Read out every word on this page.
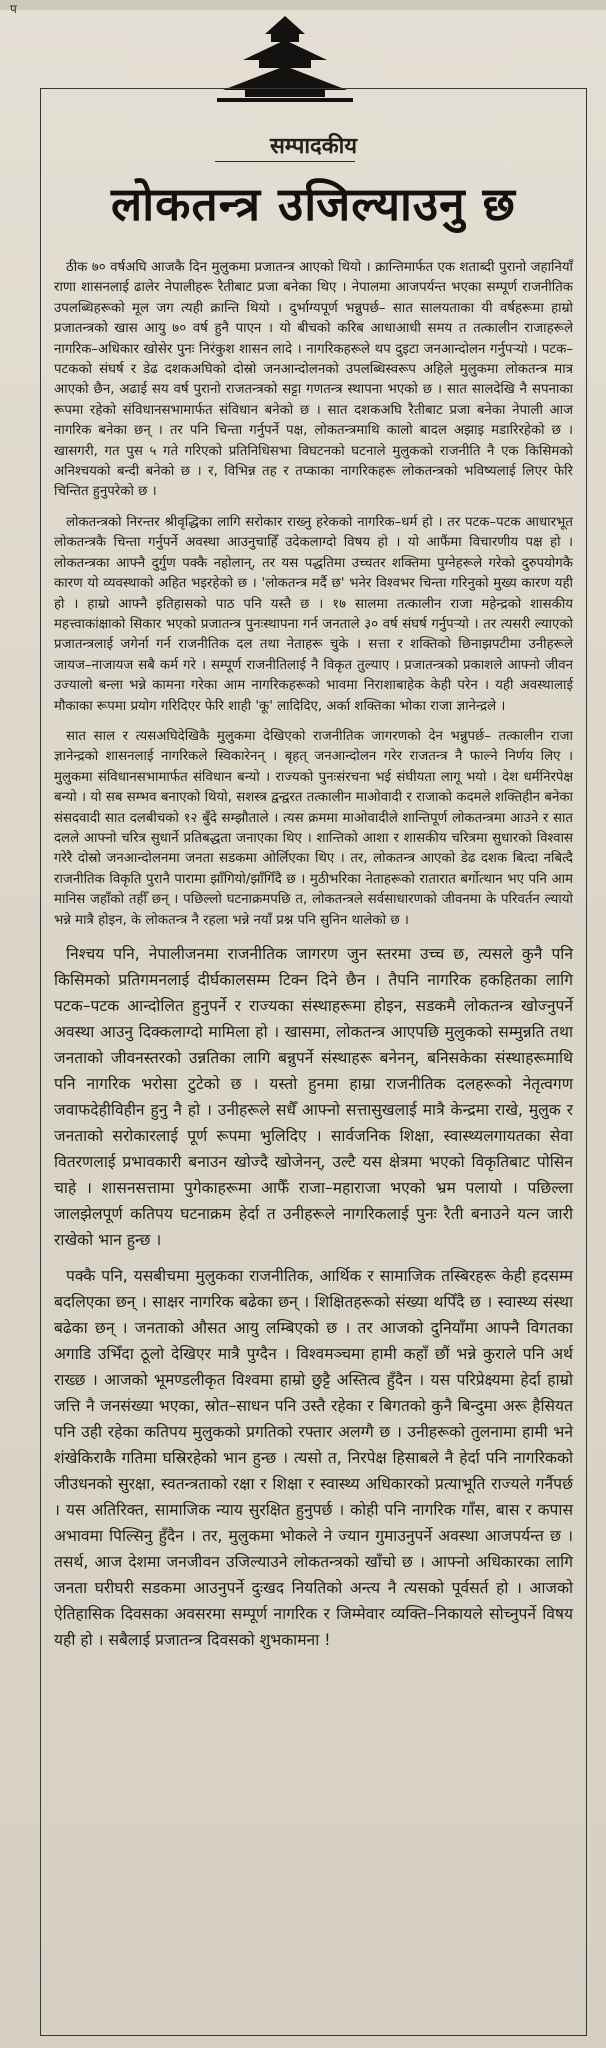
प
सम्पादकीय
लोकतन्त्र उजिल्याउनु छ

ठीक ७० वर्षअघि आजकै दिन मुलुकमा प्रजातन्त्र आएको थियो । क्रान्तिमार्फत एक शताब्दी पुरानो जहानियाँ राणा शासनलाई ढालेर नेपालीहरू रैतीबाट प्रजा बनेका थिए । नेपालमा आजपर्यन्त भएका सम्पूर्ण राजनीतिक उपलब्धिहरूको मूल जग त्यही क्रान्ति थियो । दुर्भाग्यपूर्ण भन्नुपर्छ– सात सालयताका यी वर्षहरूमा हाम्रो प्रजातन्त्रको खास आयु ७० वर्ष हुनै पाएन । यो बीचको करिब आधाआधी समय त तत्कालीन राजाहरूले नागरिक–अधिकार खोसेर पुनः निरंकुश शासन लादे । नागरिकहरूले थप दुइटा जनआन्दोलन गर्नुपर्‍यो । पटक–पटकको संघर्ष र डेढ दशकअघिको दोस्रो जनआन्दोलनको उपलब्धिस्वरूप अहिले मुलुकमा लोकतन्त्र मात्र आएको छैन, अढाई सय वर्ष पुरानो राजतन्त्रको सट्टा गणतन्त्र स्थापना भएको छ । सात सालदेखि नै सपनाका रूपमा रहेको संविधानसभामार्फत संविधान बनेको छ । सात दशकअघि रैतीबाट प्रजा बनेका नेपाली आज नागरिक बनेका छन् । तर पनि चिन्ता गर्नुपर्ने पक्ष, लोकतन्त्रमाथि कालो बादल अझाइ मडारिरहेको छ । खासगरी, गत पुस ५ गते गरिएको प्रतिनिधिसभा विघटनको घटनाले मुलुकको राजनीति नै एक किसिमको अनिश्चयको बन्दी बनेको छ । र, विभिन्न तह र तप्काका नागरिकहरू लोकतन्त्रको भविष्यलाई लिएर फेरि चिन्तित हुनुपरेको छ ।

लोकतन्त्रको निरन्तर श्रीवृद्धिका लागि सरोकार राख्नु हरेकको नागरिक–धर्म हो । तर पटक–पटक आधारभूत लोकतन्त्रकै चिन्ता गर्नुपर्ने अवस्था आउनुचाहिँ उदेकलाग्दो विषय हो । यो आफैंमा विचारणीय पक्ष हो । लोकतन्त्रका आफ्नै दुर्गुण पक्कै नहोलान्, तर यस पद्धतिमा उच्चतर शक्तिमा पुग्नेहरूले गरेको दुरुपयोगकै कारण यो व्यवस्थाको अहित भइरहेको छ । 'लोकतन्त्र मर्दै छ' भनेर विश्वभर चिन्ता गरिनुको मुख्य कारण यही हो । हाम्रो आफ्नै इतिहासको पाठ पनि यस्तै छ । १७ सालमा तत्कालीन राजा महेन्द्रको शासकीय महत्त्वाकांक्षाको सिकार भएको प्रजातन्त्र पुनःस्थापना गर्न जनताले ३० वर्ष संघर्ष गर्नुपर्‍यो । तर त्यसरी ल्याएको प्रजातन्त्रलाई जगेर्ना गर्न राजनीतिक दल तथा नेताहरू चुके । सत्ता र शक्तिको छिनाझपटीमा उनीहरूले जायज–नाजायज सबै कर्म गरे । सम्पूर्ण राजनीतिलाई नै विकृत तुल्याए । प्रजातन्त्रको प्रकाशले आफ्नो जीवन उज्यालो बन्ला भन्ने कामना गरेका आम नागरिकहरूको भावमा निराशाबाहेक केही परेन । यही अवस्थालाई मौकाका रूपमा प्रयोग गरिदिएर फेरि शाही 'कू' लादिदिए, अर्का शक्तिका भोका राजा ज्ञानेन्द्रले ।

सात साल र त्यसअघिदेखिकै मुलुकमा देखिएको राजनीतिक जागरणको देन भन्नुपर्छ– तत्कालीन राजा ज्ञानेन्द्रको शासनलाई नागरिकले स्विकारेनन् । बृहत् जनआन्दोलन गरेर राजतन्त्र नै फाल्ने निर्णय लिए । मुलुकमा संविधानसभामार्फत संविधान बन्यो । राज्यको पुनःसंरचना भई संघीयता लागू भयो । देश धर्मनिरपेक्ष बन्यो । यो सब सम्भव बनाएको थियो, सशस्त्र द्वन्द्वरत तत्कालीन माओवादी र राजाको कदमले शक्तिहीन बनेका संसदवादी सात दलबीचको १२ बुँदे सम्झौताले । त्यस क्रममा माओवादीले शान्तिपूर्ण लोकतन्त्रमा आउने र सात दलले आफ्नो चरित्र सुधार्ने प्रतिबद्धता जनाएका थिए । शान्तिको आशा र शासकीय चरित्रमा सुधारको विश्वास गरेरै दोस्रो जनआन्दोलनमा जनता सडकमा ओर्लिएका थिए । तर, लोकतन्त्र आएको डेढ दशक बित्दा नबित्दै राजनीतिक विकृति पुरानै पारामा झाँगियो/झाँगिँदै छ । मुठीभरिका नेताहरूको रातारात बर्गोत्थान भए पनि आम मानिस जहाँको तहीँ छन् । पछिल्लो घटनाक्रमपछि त, लोकतन्त्रले सर्वसाधारणको जीवनमा के परिवर्तन ल्यायो भन्ने मात्रै होइन, के लोकतन्त्र नै रहला भन्ने नयाँ प्रश्न पनि सुनिन थालेको छ ।

निश्चय पनि, नेपालीजनमा राजनीतिक जागरण जुन स्तरमा उच्च छ, त्यसले कुनै पनि किसिमको प्रतिगमनलाई दीर्घकालसम्म टिक्न दिने छैन । तैपनि नागरिक हकहितका लागि पटक–पटक आन्दोलित हुनुपर्ने र राज्यका संस्थाहरूमा होइन, सडकमै लोकतन्त्र खोज्नुपर्ने अवस्था आउनु दिक्कलाग्दो मामिला हो । खासमा, लोकतन्त्र आएपछि मुलुकको सम्मुन्नति तथा जनताको जीवनस्तरको उन्नतिका लागि बन्नुपर्ने संस्थाहरू बनेनन्, बनिसकेका संस्थाहरूमाथि पनि नागरिक भरोसा टुटेको छ । यस्तो हुनमा हाम्रा राजनीतिक दलहरूको नेतृत्वगण जवाफदेहीविहीन हुनु नै हो । उनीहरूले सधैँ आफ्नो सत्तासुखलाई मात्रै केन्द्रमा राखे, मुलुक र जनताको सरोकारलाई पूर्ण रूपमा भुलिदिए । सार्वजनिक शिक्षा, स्वास्थ्यलगायतका सेवा वितरणलाई प्रभावकारी बनाउन खोज्दै खोजेनन्, उल्टै यस क्षेत्रमा भएको विकृतिबाट पोसिन चाहे । शासनसत्तामा पुगेकाहरूमा आफैँ राजा–महाराजा भएको भ्रम पलायो । पछिल्ला जालझेलपूर्ण कतिपय घटनाक्रम हेर्दा त उनीहरूले नागरिकलाई पुनः रैती बनाउने यत्न जारी राखेको भान हुन्छ ।

पक्कै पनि, यसबीचमा मुलुकका राजनीतिक, आर्थिक र सामाजिक तस्बिरहरू केही हदसम्म बदलिएका छन् । साक्षर नागरिक बढेका छन् । शिक्षितहरूको संख्या थपिँदै छ । स्वास्थ्य संस्था बढेका छन् । जनताको औसत आयु लम्बिएको छ । तर आजको दुनियाँमा आफ्नै विगतका अगाडि उभिँदा ठूलो देखिएर मात्रै पुग्दैन । विश्वमञ्चमा हामी कहाँ छौं भन्ने कुराले पनि अर्थ राख्छ । आजको भूमण्डलीकृत विश्वमा हाम्रो छुट्टै अस्तित्व हुँदैन । यस परिप्रेक्ष्यमा हेर्दा हाम्रो जत्ति नै जनसंख्या भएका, स्रोत–साधन पनि उस्तै रहेका र बिगतको कुनै बिन्दुमा अरू हैसियत पनि उही रहेका कतिपय मुलुकको प्रगतिको रफ्तार अलग्गै छ । उनीहरूको तुलनामा हामी भने शंखेकिराकै गतिमा घस्रिरहेको भान हुन्छ । त्यसो त, निरपेक्ष हिसाबले नै हेर्दा पनि नागरिकको जीउधनको सुरक्षा, स्वतन्त्रताको रक्षा र शिक्षा र स्वास्थ्य अधिकारको प्रत्याभूति राज्यले गर्नैपर्छ । यस अतिरिक्त, सामाजिक न्याय सुरक्षित हुनुपर्छ । कोही पनि नागरिक गाँस, बास र कपास अभावमा पिल्सिनु हुँदैन । तर, मुलुकमा भोकले ने ज्यान गुमाउनुपर्ने अवस्था आजपर्यन्त छ । तसर्थ, आज देशमा जनजीवन उजिल्याउने लोकतन्त्रको खाँचो छ । आफ्नो अधिकारका लागि जनता घरीघरी सडकमा आउनुपर्ने दुःखद नियतिको अन्त्य नै त्यसको पूर्वसर्त हो । आजको ऐतिहासिक दिवसका अवसरमा सम्पूर्ण नागरिक र जिम्मेवार व्यक्ति–निकायले सोच्नुपर्ने विषय यही हो । सबैलाई प्रजातन्त्र दिवसको शुभकामना !
